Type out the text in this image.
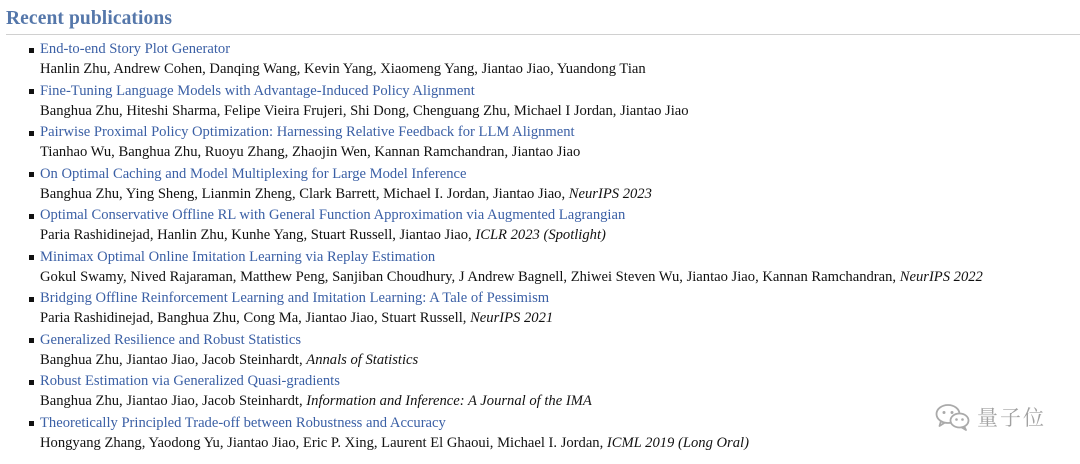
Recent publications
End-to-end Story Plot Generator
Hanlin Zhu, Andrew Cohen, Danqing Wang, Kevin Yang, Xiaomeng Yang, Jiantao Jiao, Yuandong Tian
Fine-Tuning Language Models with Advantage-Induced Policy Alignment
Banghua Zhu, Hiteshi Sharma, Felipe Vieira Frujeri, Shi Dong, Chenguang Zhu, Michael I Jordan, Jiantao Jiao
Pairwise Proximal Policy Optimization: Harnessing Relative Feedback for LLM Alignment
Tianhao Wu, Banghua Zhu, Ruoyu Zhang, Zhaojin Wen, Kannan Ramchandran, Jiantao Jiao
On Optimal Caching and Model Multiplexing for Large Model Inference
Banghua Zhu, Ying Sheng, Lianmin Zheng, Clark Barrett, Michael I. Jordan, Jiantao Jiao, NeurIPS 2023
Optimal Conservative Offline RL with General Function Approximation via Augmented Lagrangian
Paria Rashidinejad, Hanlin Zhu, Kunhe Yang, Stuart Russell, Jiantao Jiao, ICLR 2023 (Spotlight)
Minimax Optimal Online Imitation Learning via Replay Estimation
Gokul Swamy, Nived Rajaraman, Matthew Peng, Sanjiban Choudhury, J Andrew Bagnell, Zhiwei Steven Wu, Jiantao Jiao, Kannan Ramchandran, NeurIPS 2022
Bridging Offline Reinforcement Learning and Imitation Learning: A Tale of Pessimism
Paria Rashidinejad, Banghua Zhu, Cong Ma, Jiantao Jiao, Stuart Russell, NeurIPS 2021
Generalized Resilience and Robust Statistics
Banghua Zhu, Jiantao Jiao, Jacob Steinhardt, Annals of Statistics
Robust Estimation via Generalized Quasi-gradients
Banghua Zhu, Jiantao Jiao, Jacob Steinhardt, Information and Inference: A Journal of the IMA
Theoretically Principled Trade-off between Robustness and Accuracy
Hongyang Zhang, Yaodong Yu, Jiantao Jiao, Eric P. Xing, Laurent El Ghaoui, Michael I. Jordan, ICML 2019 (Long Oral)
量子位
